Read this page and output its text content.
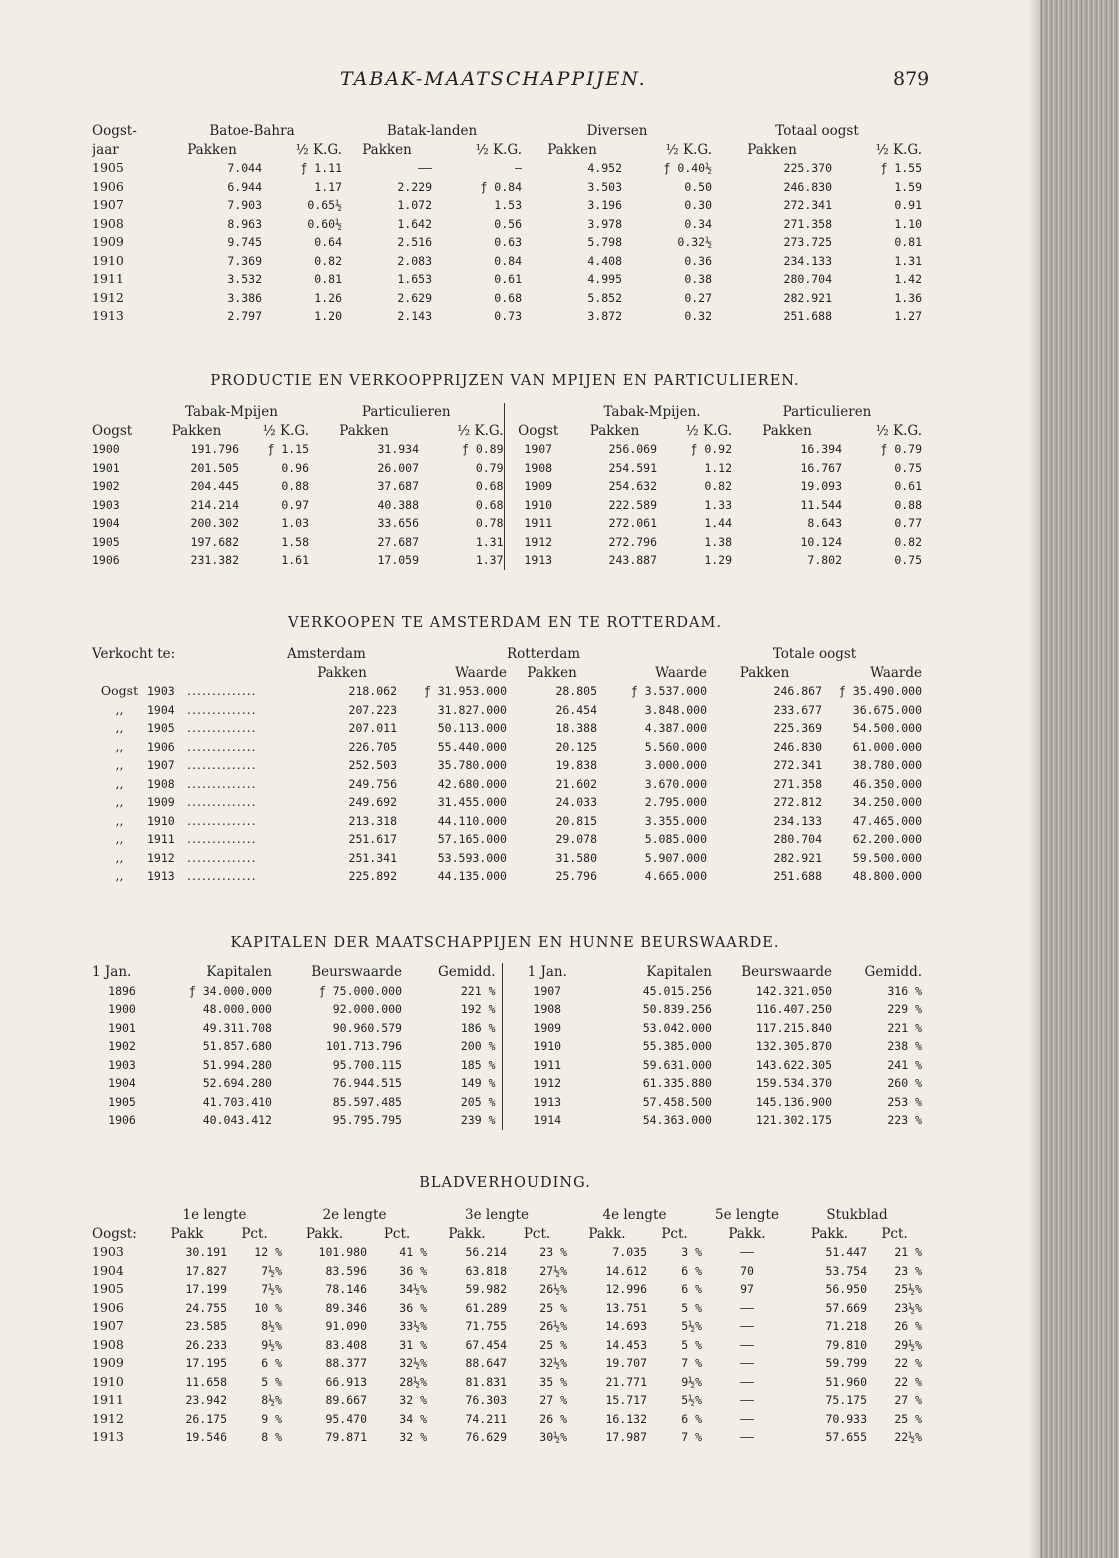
TABAK-MAATSCHAPPIJEN.	879
Oogst-	Batoe-Bahra		Batak-landen		Diversen		Totaal oogst	
jaar	Pakken	½ K.G.	Pakken	½ K.G.	Pakken	½ K.G.	Pakken	½ K.G.
1905	7.044	ƒ 1.11	——	—	4.952	ƒ 0.40½	225.370	ƒ 1.55
1906	6.944	1.17	2.229	ƒ 0.84	3.503	0.50	246.830	1.59
1907	7.903	0.65½	1.072	1.53	3.196	0.30	272.341	0.91
1908	8.963	0.60½	1.642	0.56	3.978	0.34	271.358	1.10
1909	9.745	0.64	2.516	0.63	5.798	0.32½	273.725	0.81
1910	7.369	0.82	2.083	0.84	4.408	0.36	234.133	1.31
1911	3.532	0.81	1.653	0.61	4.995	0.38	280.704	1.42
1912	3.386	1.26	2.629	0.68	5.852	0.27	282.921	1.36
1913	2.797	1.20	2.143	0.73	3.872	0.32	251.688	1.27
PRODUCTIE EN VERKOOPPRIJZEN VAN MPIJEN EN PARTICULIEREN.
	Tabak-Mpijen		Particulieren			Tabak-Mpijen.		Particulieren	
Oogst	Pakken	½ K.G.	Pakken	½ K.G.	Oogst	Pakken	½ K.G.	Pakken	½ K.G.
1900	191.796	ƒ 1.15	31.934	ƒ 0.89	1907	256.069	ƒ 0.92	16.394	ƒ 0.79
1901	201.505	0.96	26.007	0.79	1908	254.591	1.12	16.767	0.75
1902	204.445	0.88	37.687	0.68	1909	254.632	0.82	19.093	0.61
1903	214.214	0.97	40.388	0.68	1910	222.589	1.33	11.544	0.88
1904	200.302	1.03	33.656	0.78	1911	272.061	1.44	8.643	0.77
1905	197.682	1.58	27.687	1.31	1912	272.796	1.38	10.124	0.82
1906	231.382	1.61	17.059	1.37	1913	243.887	1.29	7.802	0.75
VERKOOPEN TE AMSTERDAM EN TE ROTTERDAM.
Verkocht te:			Amsterdam		Rotterdam		Totale oogst	
			Pakken	Waarde	Pakken	Waarde	Pakken	Waarde
Oogst	1903	..............	218.062	ƒ 31.953.000	28.805	ƒ 3.537.000	246.867	ƒ 35.490.000
,,	1904	..............	207.223	31.827.000	26.454	3.848.000	233.677	36.675.000
,,	1905	..............	207.011	50.113.000	18.388	4.387.000	225.369	54.500.000
,,	1906	..............	226.705	55.440.000	20.125	5.560.000	246.830	61.000.000
,,	1907	..............	252.503	35.780.000	19.838	3.000.000	272.341	38.780.000
,,	1908	..............	249.756	42.680.000	21.602	3.670.000	271.358	46.350.000
,,	1909	..............	249.692	31.455.000	24.033	2.795.000	272.812	34.250.000
,,	1910	..............	213.318	44.110.000	20.815	3.355.000	234.133	47.465.000
,,	1911	..............	251.617	57.165.000	29.078	5.085.000	280.704	62.200.000
,,	1912	..............	251.341	53.593.000	31.580	5.907.000	282.921	59.500.000
,,	1913	..............	225.892	44.135.000	25.796	4.665.000	251.688	48.800.000
KAPITALEN DER MAATSCHAPPIJEN EN HUNNE BEURSWAARDE.
1 Jan.	Kapitalen	Beurswaarde	Gemidd.	1 Jan.	Kapitalen	Beurswaarde	Gemidd.
1896	ƒ 34.000.000	ƒ 75.000.000	221 %	1907	45.015.256	142.321.050	316 %
1900	48.000.000	92.000.000	192 %	1908	50.839.256	116.407.250	229 %
1901	49.311.708	90.960.579	186 %	1909	53.042.000	117.215.840	221 %
1902	51.857.680	101.713.796	200 %	1910	55.385.000	132.305.870	238 %
1903	51.994.280	95.700.115	185 %	1911	59.631.000	143.622.305	241 %
1904	52.694.280	76.944.515	149 %	1912	61.335.880	159.534.370	260 %
1905	41.703.410	85.597.485	205 %	1913	57.458.500	145.136.900	253 %
1906	40.043.412	95.795.795	239 %	1914	54.363.000	121.302.175	223 %
BLADVERHOUDING.
	1e lengte		2e lengte		3e lengte		4e lengte		5e lengte	Stukblad	
Oogst:	Pakk	Pct.	Pakk.	Pct.	Pakk.	Pct.	Pakk.	Pct.	Pakk.	Pakk.	Pct.
1903	30.191	12 %	101.980	41 %	56.214	23 %	7.035	3 %	——	51.447	21 %
1904	17.827	7½%	83.596	36 %	63.818	27½%	14.612	6 %	70	53.754	23 %
1905	17.199	7½%	78.146	34½%	59.982	26½%	12.996	6 %	97	56.950	25½%
1906	24.755	10 %	89.346	36 %	61.289	25 %	13.751	5 %	——	57.669	23½%
1907	23.585	8½%	91.090	33½%	71.755	26½%	14.693	5½%	——	71.218	26 %
1908	26.233	9½%	83.408	31 %	67.454	25 %	14.453	5 %	——	79.810	29½%
1909	17.195	6 %	88.377	32½%	88.647	32½%	19.707	7 %	——	59.799	22 %
1910	11.658	5 %	66.913	28½%	81.831	35 %	21.771	9½%	——	51.960	22 %
1911	23.942	8½%	89.667	32 %	76.303	27 %	15.717	5½%	——	75.175	27 %
1912	26.175	9 %	95.470	34 %	74.211	26 %	16.132	6 %	——	70.933	25 %
1913	19.546	8 %	79.871	32 %	76.629	30½%	17.987	7 %	——	57.655	22½%
